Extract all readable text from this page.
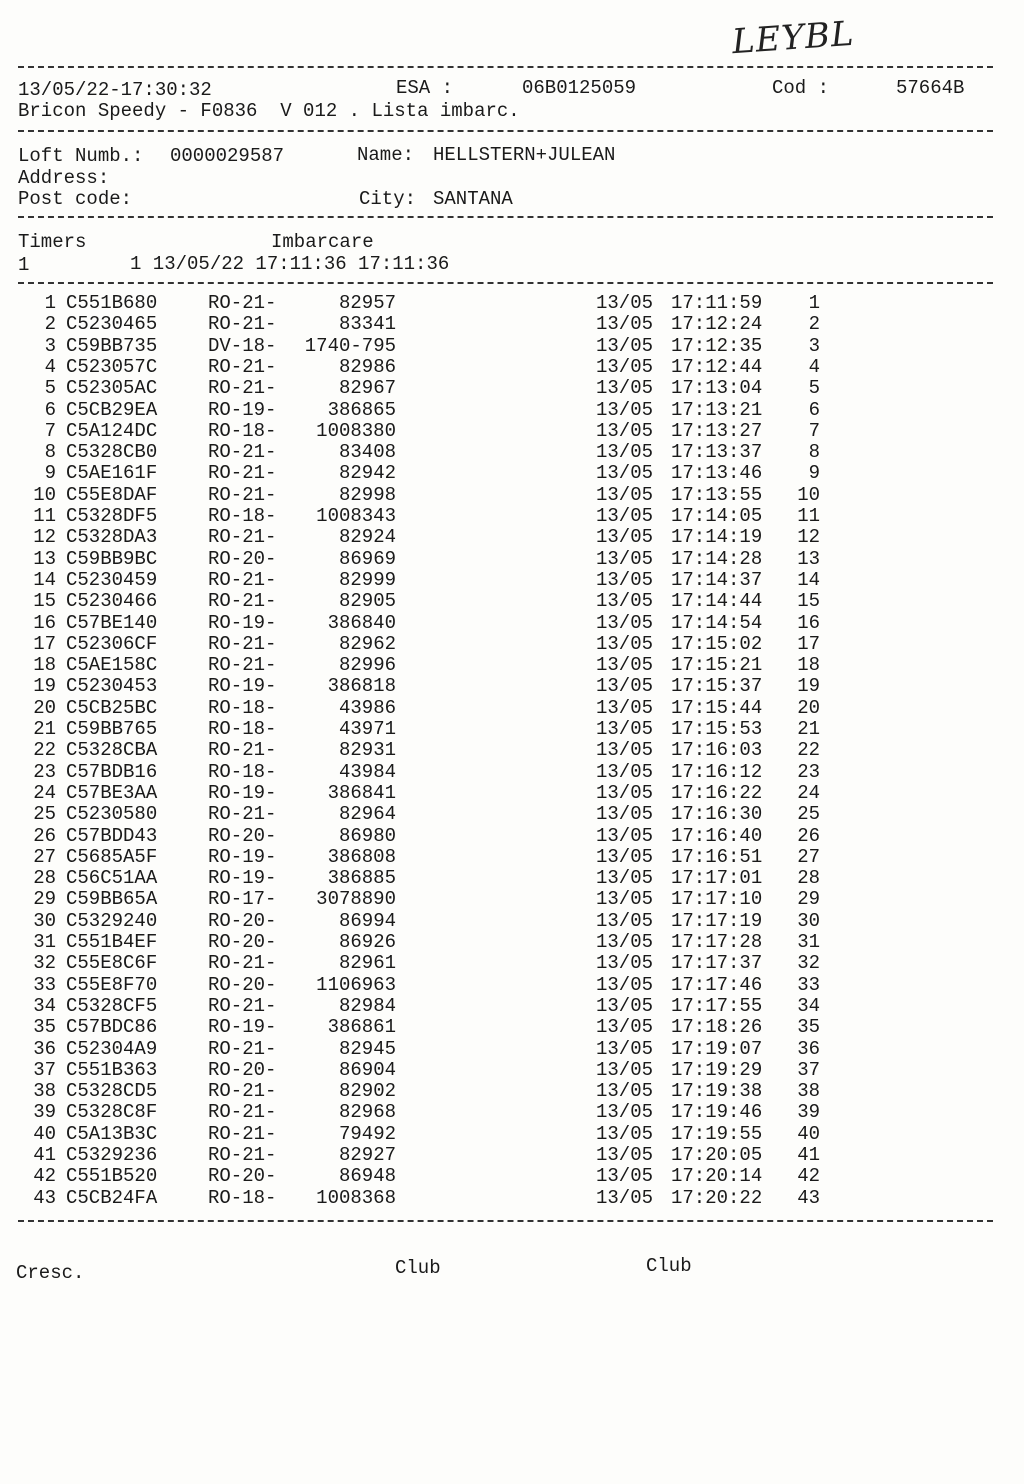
LEYBL
13/05/22-17:30:32	ESA :	06B0125059	Cod :	57664B
Bricon Speedy - F0836  V 012 . Lista imbarc.
Loft Numb.: 0000029587	Name: HELLSTERN+JULEAN
Address:
Post code:	City: SANTANA
Timers	Imbarcare
1	1 13/05/22 17:11:36 17:11:36
1 C551B680	RO-21-	82957	13/05 17:11:59	1
2 C5230465	RO-21-	83341	13/05 17:12:24	2
3 C59BB735	DV-18-	1740-795	13/05 17:12:35	3
4 C523057C	RO-21-	82986	13/05 17:12:44	4
5 C52305AC	RO-21-	82967	13/05 17:13:04	5
6 C5CB29EA	RO-19-	386865	13/05 17:13:21	6
7 C5A124DC	RO-18-	1008380	13/05 17:13:27	7
8 C5328CB0	RO-21-	83408	13/05 17:13:37	8
9 C5AE161F	RO-21-	82942	13/05 17:13:46	9
10 C55E8DAF	RO-21-	82998	13/05 17:13:55	10
11 C5328DF5	RO-18-	1008343	13/05 17:14:05	11
12 C5328DA3	RO-21-	82924	13/05 17:14:19	12
13 C59BB9BC	RO-20-	86969	13/05 17:14:28	13
14 C5230459	RO-21-	82999	13/05 17:14:37	14
15 C5230466	RO-21-	82905	13/05 17:14:44	15
16 C57BE140	RO-19-	386840	13/05 17:14:54	16
17 C52306CF	RO-21-	82962	13/05 17:15:02	17
18 C5AE158C	RO-21-	82996	13/05 17:15:21	18
19 C5230453	RO-19-	386818	13/05 17:15:37	19
20 C5CB25BC	RO-18-	43986	13/05 17:15:44	20
21 C59BB765	RO-18-	43971	13/05 17:15:53	21
22 C5328CBA	RO-21-	82931	13/05 17:16:03	22
23 C57BDB16	RO-18-	43984	13/05 17:16:12	23
24 C57BE3AA	RO-19-	386841	13/05 17:16:22	24
25 C5230580	RO-21-	82964	13/05 17:16:30	25
26 C57BDD43	RO-20-	86980	13/05 17:16:40	26
27 C5685A5F	RO-19-	386808	13/05 17:16:51	27
28 C56C51AA	RO-19-	386885	13/05 17:17:01	28
29 C59BB65A	RO-17-	3078890	13/05 17:17:10	29
30 C5329240	RO-20-	86994	13/05 17:17:19	30
31 C551B4EF	RO-20-	86926	13/05 17:17:28	31
32 C55E8C6F	RO-21-	82961	13/05 17:17:37	32
33 C55E8F70	RO-20-	1106963	13/05 17:17:46	33
34 C5328CF5	RO-21-	82984	13/05 17:17:55	34
35 C57BDC86	RO-19-	386861	13/05 17:18:26	35
36 C52304A9	RO-21-	82945	13/05 17:19:07	36
37 C551B363	RO-20-	86904	13/05 17:19:29	37
38 C5328CD5	RO-21-	82902	13/05 17:19:38	38
39 C5328C8F	RO-21-	82968	13/05 17:19:46	39
40 C5A13B3C	RO-21-	79492	13/05 17:19:55	40
41 C5329236	RO-21-	82927	13/05 17:20:05	41
42 C551B520	RO-20-	86948	13/05 17:20:14	42
43 C5CB24FA	RO-18-	1008368	13/05 17:20:22	43
Cresc.	Club	Club
